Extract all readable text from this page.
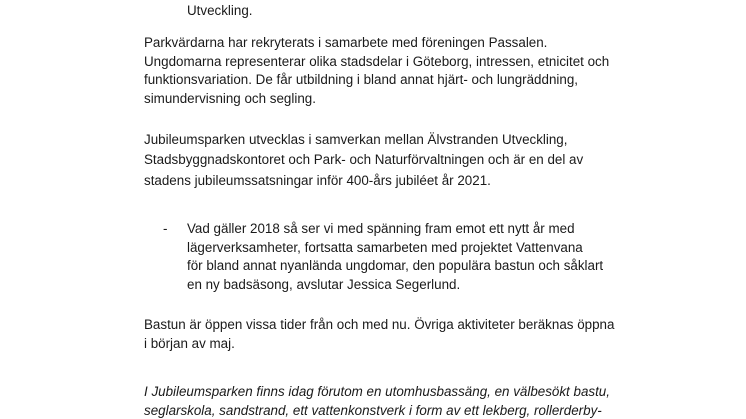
Utveckling.
Parkvärdarna har rekryterats i samarbete med föreningen Passalen.
Ungdomarna representerar olika stadsdelar i Göteborg, intressen, etnicitet och
funktionsvariation. De får utbildning i bland annat hjärt- och lungräddning,
simundervisning och segling.
Jubileumsparken utvecklas i samverkan mellan Älvstranden Utveckling,
Stadsbyggnadskontoret och Park- och Naturförvaltningen och är en del av
stadens jubileumssatsningar inför 400-års jubiléet år 2021.
- Vad gäller 2018 så ser vi med spänning fram emot ett nytt år med
lägerverksamheter, fortsatta samarbeten med projektet Vattenvana
för bland annat nyanlända ungdomar, den populära bastun och såklart
en ny badsäsong, avslutar Jessica Segerlund.
Bastun är öppen vissa tider från och med nu. Övriga aktiviteter beräknas öppna
i början av maj.
I Jubileumsparken finns idag förutom en utomhusbassäng, en välbesökt bastu,
seglarskola, sandstrand, ett vattenkonstverk i form av ett lekberg, rollerderby-
